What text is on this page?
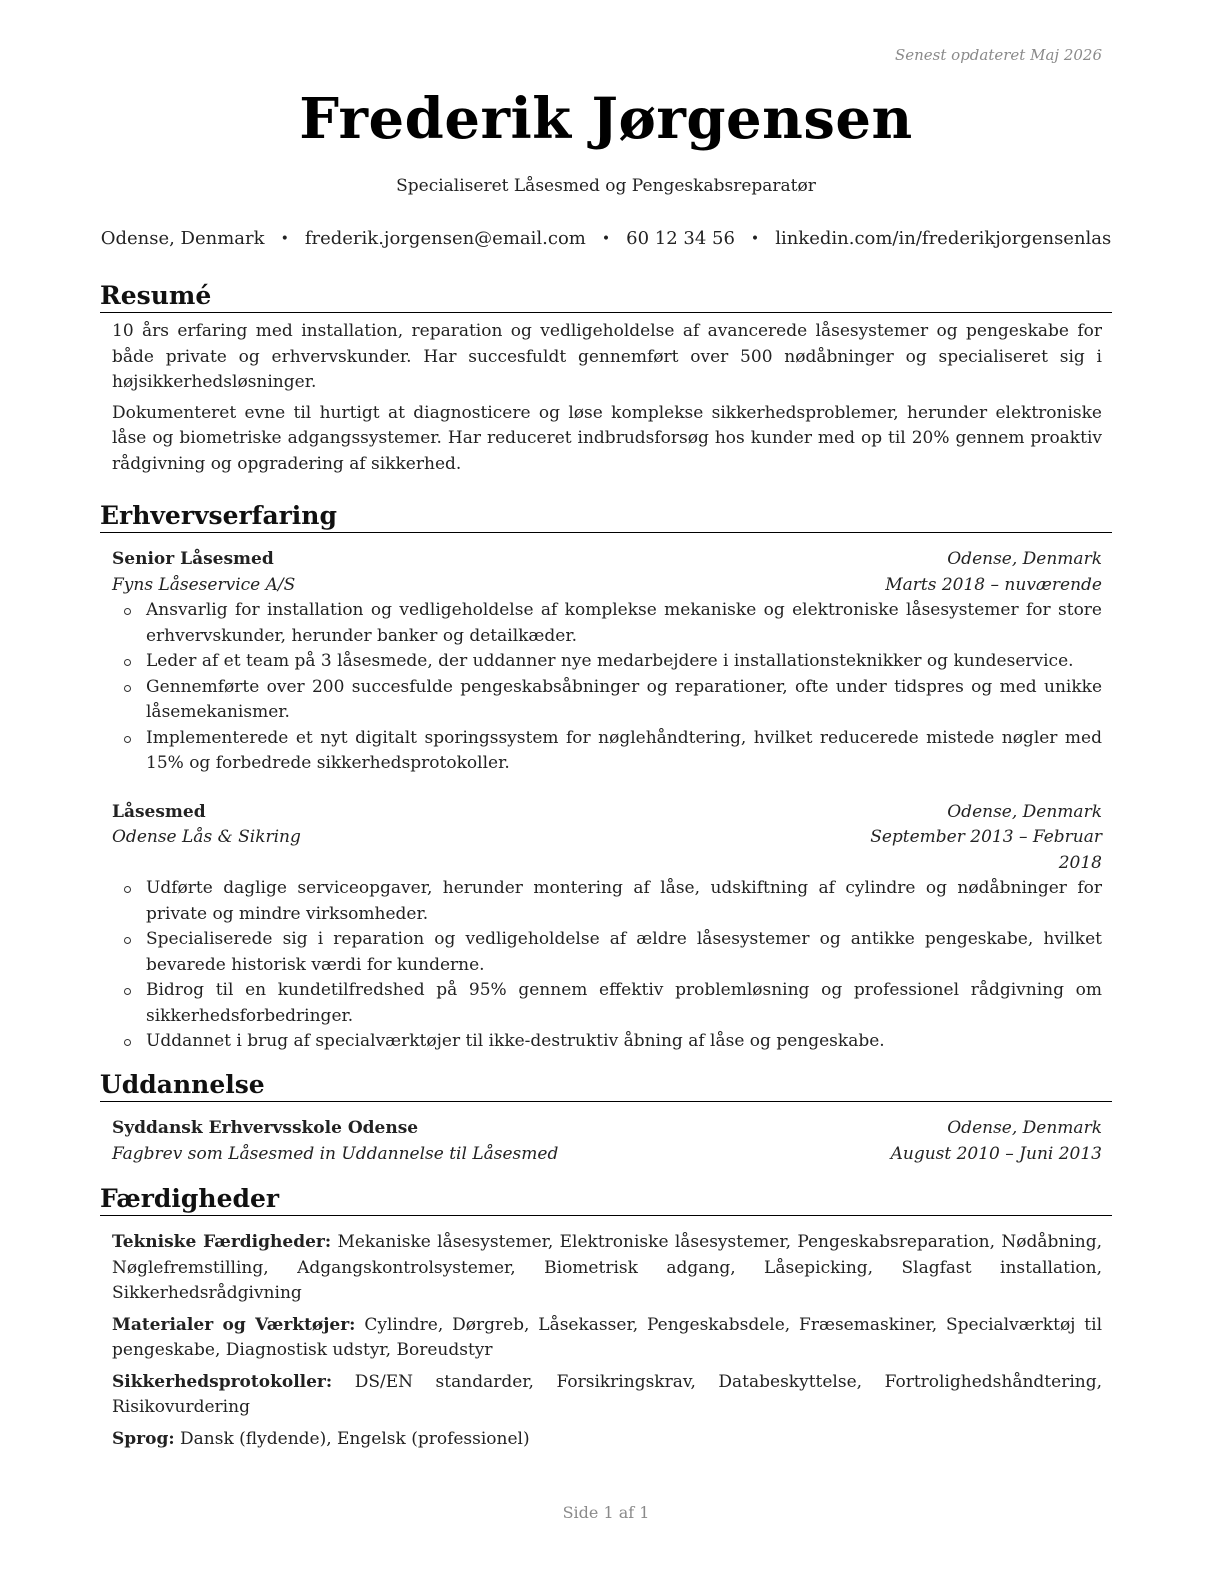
Senest opdateret Maj 2026
Frederik Jørgensen
Specialiseret Låsesmed og Pengeskabsreparatør
Odense, Denmark • frederik.jorgensen@email.com • 60 12 34 56 • linkedin.com/in/frederikjorgensenlas
Resumé

10 års erfaring med installation, reparation og vedligeholdelse af avancerede låsesystemer og pengeskabe for både private og erhvervskunder. Har succesfuldt gennemført over 500 nødåbninger og specialiseret sig i højsikkerhedsløsninger.

Dokumenteret evne til hurtigt at diagnosticere og løse komplekse sikkerhedsproblemer, herunder elektroniske låse og biometriske adgangssystemer. Har reduceret indbrudsforsøg hos kunder med op til 20% gennem proaktiv rådgivning og opgradering af sikkerhed.

Erhvervserfaring
Senior Låsesmed	Odense, Denmark
Fyns Låseservice A/S	Marts 2018 – nuværende
Ansvarlig for installation og vedligeholdelse af komplekse mekaniske og elektroniske låsesystemer for store erhvervskunder, herunder banker og detailkæder.
Leder af et team på 3 låsesmede, der uddanner nye medarbejdere i installationsteknikker og kundeservice.
Gennemførte over 200 succesfulde pengeskabsåbninger og reparationer, ofte under tidspres og med unikke låsemekanismer.
Implementerede et nyt digitalt sporingssystem for nøglehåndtering, hvilket reducerede mistede nøgler med 15% og forbedrede sikkerhedsprotokoller.
Låsesmed	Odense, Denmark
Odense Lås & Sikring	September 2013 – Februar
2018
Udførte daglige serviceopgaver, herunder montering af låse, udskiftning af cylindre og nødåbninger for private og mindre virksomheder.
Specialiserede sig i reparation og vedligeholdelse af ældre låsesystemer og antikke pengeskabe, hvilket bevarede historisk værdi for kunderne.
Bidrog til en kundetilfredshed på 95% gennem effektiv problemløsning og professionel rådgivning om sikkerhedsforbedringer.
Uddannet i brug af specialværktøjer til ikke-destruktiv åbning af låse og pengeskabe.
Uddannelse
Syddansk Erhvervsskole Odense	Odense, Denmark
Fagbrev som Låsesmed in Uddannelse til Låsesmed	August 2010 – Juni 2013
Færdigheder

Tekniske Færdigheder: Mekaniske låsesystemer, Elektroniske låsesystemer, Pengeskabsreparation, Nødåbning, Nøglefremstilling, Adgangskontrolsystemer, Biometrisk adgang, Låsepicking, Slagfast installation, Sikkerhedsrådgivning

Materialer og Værktøjer: Cylindre, Dørgreb, Låsekasser, Pengeskabsdele, Fræsemaskiner, Specialværktøj til pengeskabe, Diagnostisk udstyr, Boreudstyr

Sikkerhedsprotokoller: DS/EN standarder, Forsikringskrav, Databeskyttelse, Fortrolighedshåndtering, Risikovurdering

Sprog: Dansk (flydende), Engelsk (professionel)

Side 1 af 1
